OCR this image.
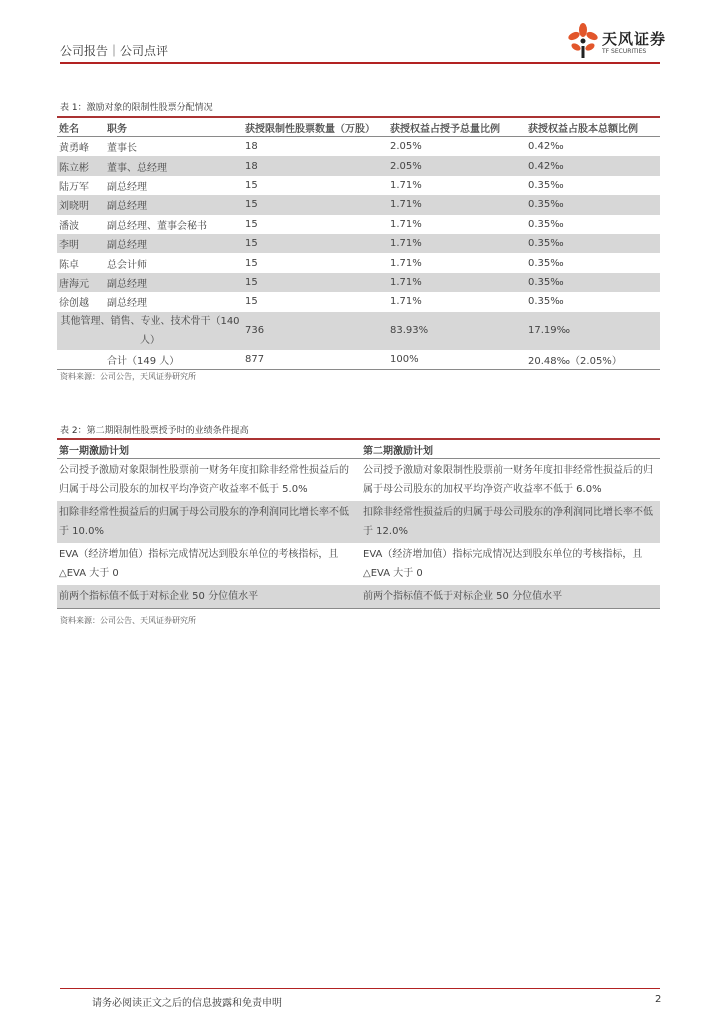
公司报告｜公司点评
天风证券
TF SECURITIES
表 1：激励对象的限制性股票分配情况
姓名	职务	获授限制性股票数量（万股）	获授权益占授予总量比例	获授权益占股本总额比例
黄勇峰	董事长	18	2.05%	0.42‰
陈立彬	董事、总经理	18	2.05%	0.42‰
陆万军	副总经理	15	1.71%	0.35‰
刘晓明	副总经理	15	1.71%	0.35‰
潘波	副总经理、董事会秘书	15	1.71%	0.35‰
李明	副总经理	15	1.71%	0.35‰
陈卓	总会计师	15	1.71%	0.35‰
唐海元	副总经理	15	1.71%	0.35‰
徐创越	副总经理	15	1.71%	0.35‰
其他管理、销售、专业、技术骨干（140 人）		736	83.93%	17.19‰
	合计（149 人）	877	100%	20.48‰（2.05%）
资料来源：公司公告，天风证券研究所
表 2：第二期限制性股票授予时的业绩条件提高
第一期激励计划	第二期激励计划
公司授予激励对象限制性股票前一财务年度扣除非经常性损益后的归属于母公司股东的加权平均净资产收益率不低于 5.0%	公司授予激励对象限制性股票前一财务年度扣非经常性损益后的归属于母公司股东的加权平均净资产收益率不低于 6.0%
扣除非经常性损益后的归属于母公司股东的净利润同比增长率不低于 10.0%	扣除非经常性损益后的归属于母公司股东的净利润同比增长率不低于 12.0%
EVA（经济增加值）指标完成情况达到股东单位的考核指标，且△EVA 大于 0	EVA（经济增加值）指标完成情况达到股东单位的考核指标，且△EVA 大于 0
前两个指标值不低于对标企业 50 分位值水平	前两个指标值不低于对标企业 50 分位值水平
资料来源：公司公告、天风证券研究所
请务必阅读正文之后的信息披露和免责申明	2
